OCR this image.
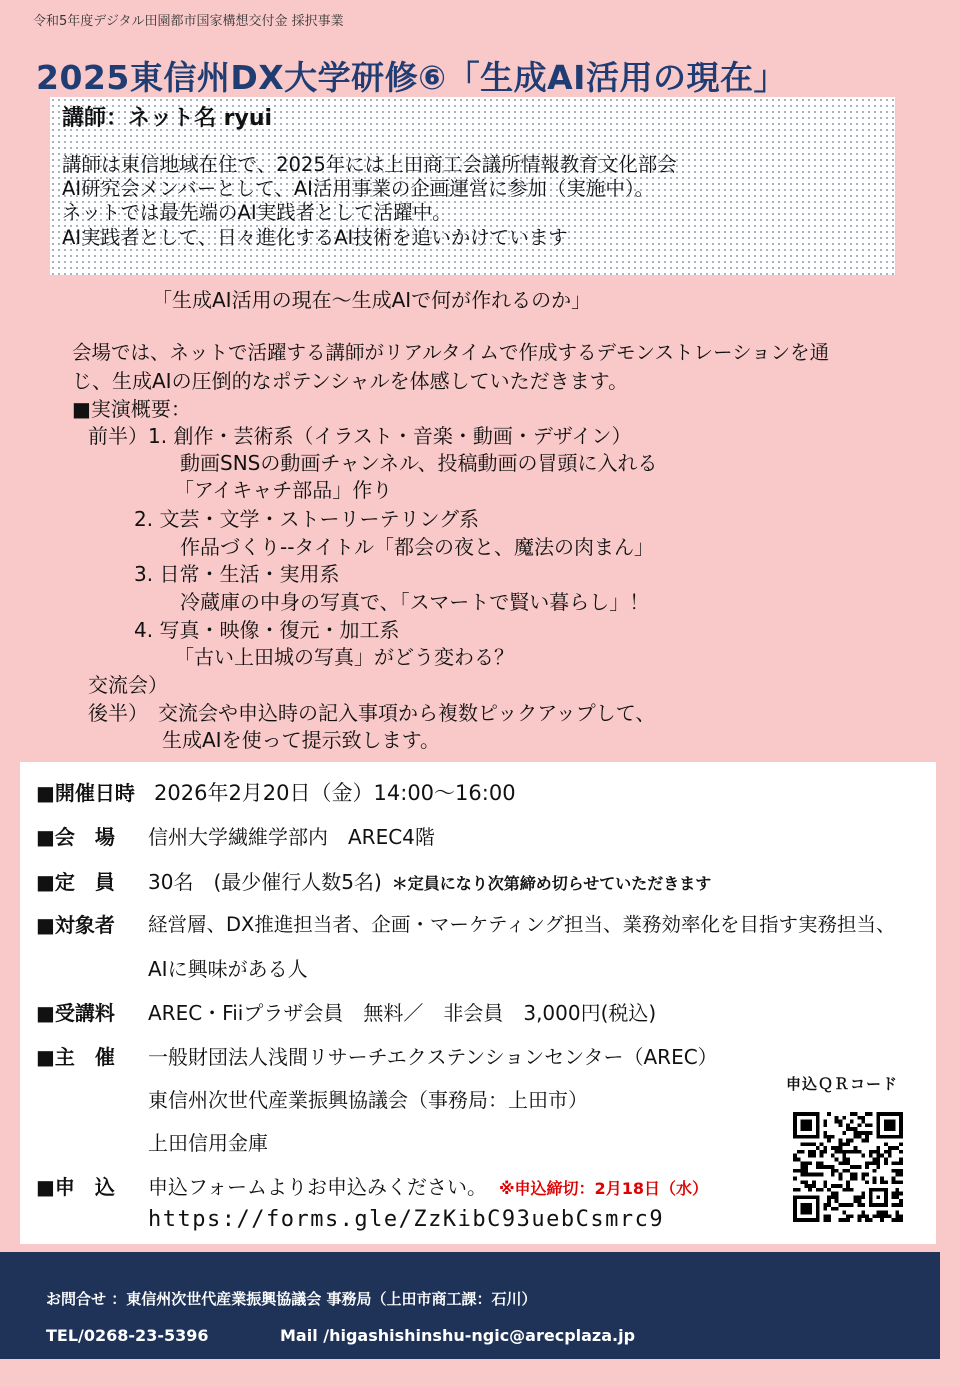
令和5年度デジタル田園都市国家構想交付金 採択事業
2025東信州DX大学研修⑥「生成AI活用の現在」
講師：ネット名 ryui
講師は東信地域在住で、2025年には上田商工会議所情報教育文化部会
AI研究会メンバーとして、AI活用事業の企画運営に参加（実施中）。
ネットでは最先端のAI実践者として活躍中。
AI実践者として、日々進化するAI技術を追いかけています
「生成AI活用の現在～生成AIで何が作れるのか」
会場では、ネットで活躍する講師がリアルタイムで作成するデモンストレーションを通
じ、生成AIの圧倒的なポテンシャルを体感していただきます。
■実演概要：
前半）1. 創作・芸術系（イラスト・音楽・動画・デザイン）
動画SNSの動画チャンネル、投稿動画の冒頭に入れる
「アイキャチ部品」作り
2. 文芸・文学・ストーリーテリング系
作品づくり--タイトル「都会の夜と、魔法の肉まん」
3. 日常・生活・実用系
冷蔵庫の中身の写真で、「スマートで賢い暮らし」！
4. 写真・映像・復元・加工系
「古い上田城の写真」がどう変わる？
交流会）
後半）　交流会や申込時の記入事項から複数ピックアップして、
生成AIを使って提示致します。
■開催日時 2026年2月20日（金）14:00～16:00
■会　場 信州大学繊維学部内　AREC4階
■定　員 30名　(最少催行人数5名) ＊定員になり次第締め切らせていただきます
■対象者 経営層、DX推進担当者、企画・マーケティング担当、業務効率化を目指す実務担当、
AIに興味がある人
■受講料 AREC・Fiiプラザ会員　無料／　非会員　3,000円(税込)
■主　催 一般財団法人浅間リサーチエクステンションセンター（AREC）
東信州次世代産業振興協議会（事務局：上田市）
上田信用金庫
■申　込 申込フォームよりお申込みください。 ※申込締切：2月18日（水）
https://forms.gle/ZzKibC93uebCsmrc9
申込ＱＲコード
お問合せ ：東信州次世代産業振興協議会 事務局（上田市商工課：石川）
TEL/0268-23-5396	Mail /higashishinshu-ngic@arecplaza.jp
